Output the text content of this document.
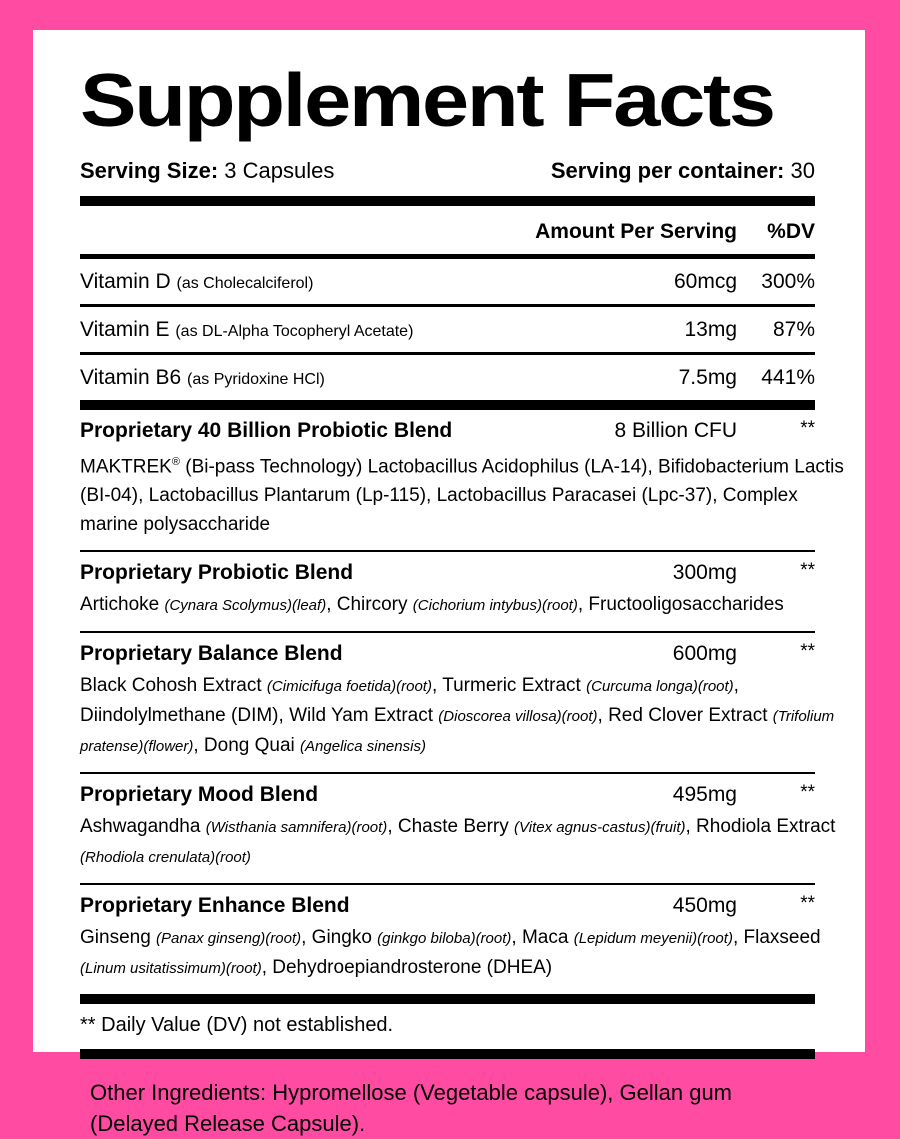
Supplement Facts
Serving Size: 3 Capsules	Serving per container: 30
Amount Per Serving	%DV
Vitamin D (as Cholecalciferol)	60mcg	300%
Vitamin E (as DL-Alpha Tocopheryl Acetate)	13mg	87%
Vitamin B6 (as Pyridoxine HCl)	7.5mg	441%
Proprietary 40 Billion Probiotic Blend	8 Billion CFU	**

MAKTREK® (Bi-pass Technology) Lactobacillus Acidophilus (LA-14), Bifidobacterium Lactis (BI-04), Lactobacillus Plantarum (Lp-115), Lactobacillus Paracasei (Lpc-37), Complex marine polysaccharide

Proprietary Probiotic Blend	300mg	**

Artichoke (Cynara Scolymus)(leaf), Chircory (Cichorium intybus)(root), Fructooligosaccharides

Proprietary Balance Blend	600mg	**

Black Cohosh Extract (Cimicifuga foetida)(root), Turmeric Extract (Curcuma longa)(root), Diindolylmethane (DIM), Wild Yam Extract (Dioscorea villosa)(root), Red Clover Extract (Trifolium pratense)(flower), Dong Quai (Angelica sinensis)

Proprietary Mood Blend	495mg	**

Ashwagandha (Wisthania samnifera)(root), Chaste Berry (Vitex agnus-castus)(fruit), Rhodiola Extract (Rhodiola crenulata)(root)

Proprietary Enhance Blend	450mg	**

Ginseng (Panax ginseng)(root), Gingko (ginkgo biloba)(root), Maca (Lepidum meyenii)(root), Flaxseed (Linum usitatissimum)(root), Dehydroepiandrosterone (DHEA)

** Daily Value (DV) not established.

Other Ingredients: Hypromellose (Vegetable capsule), Gellan gum (Delayed Release Capsule).
